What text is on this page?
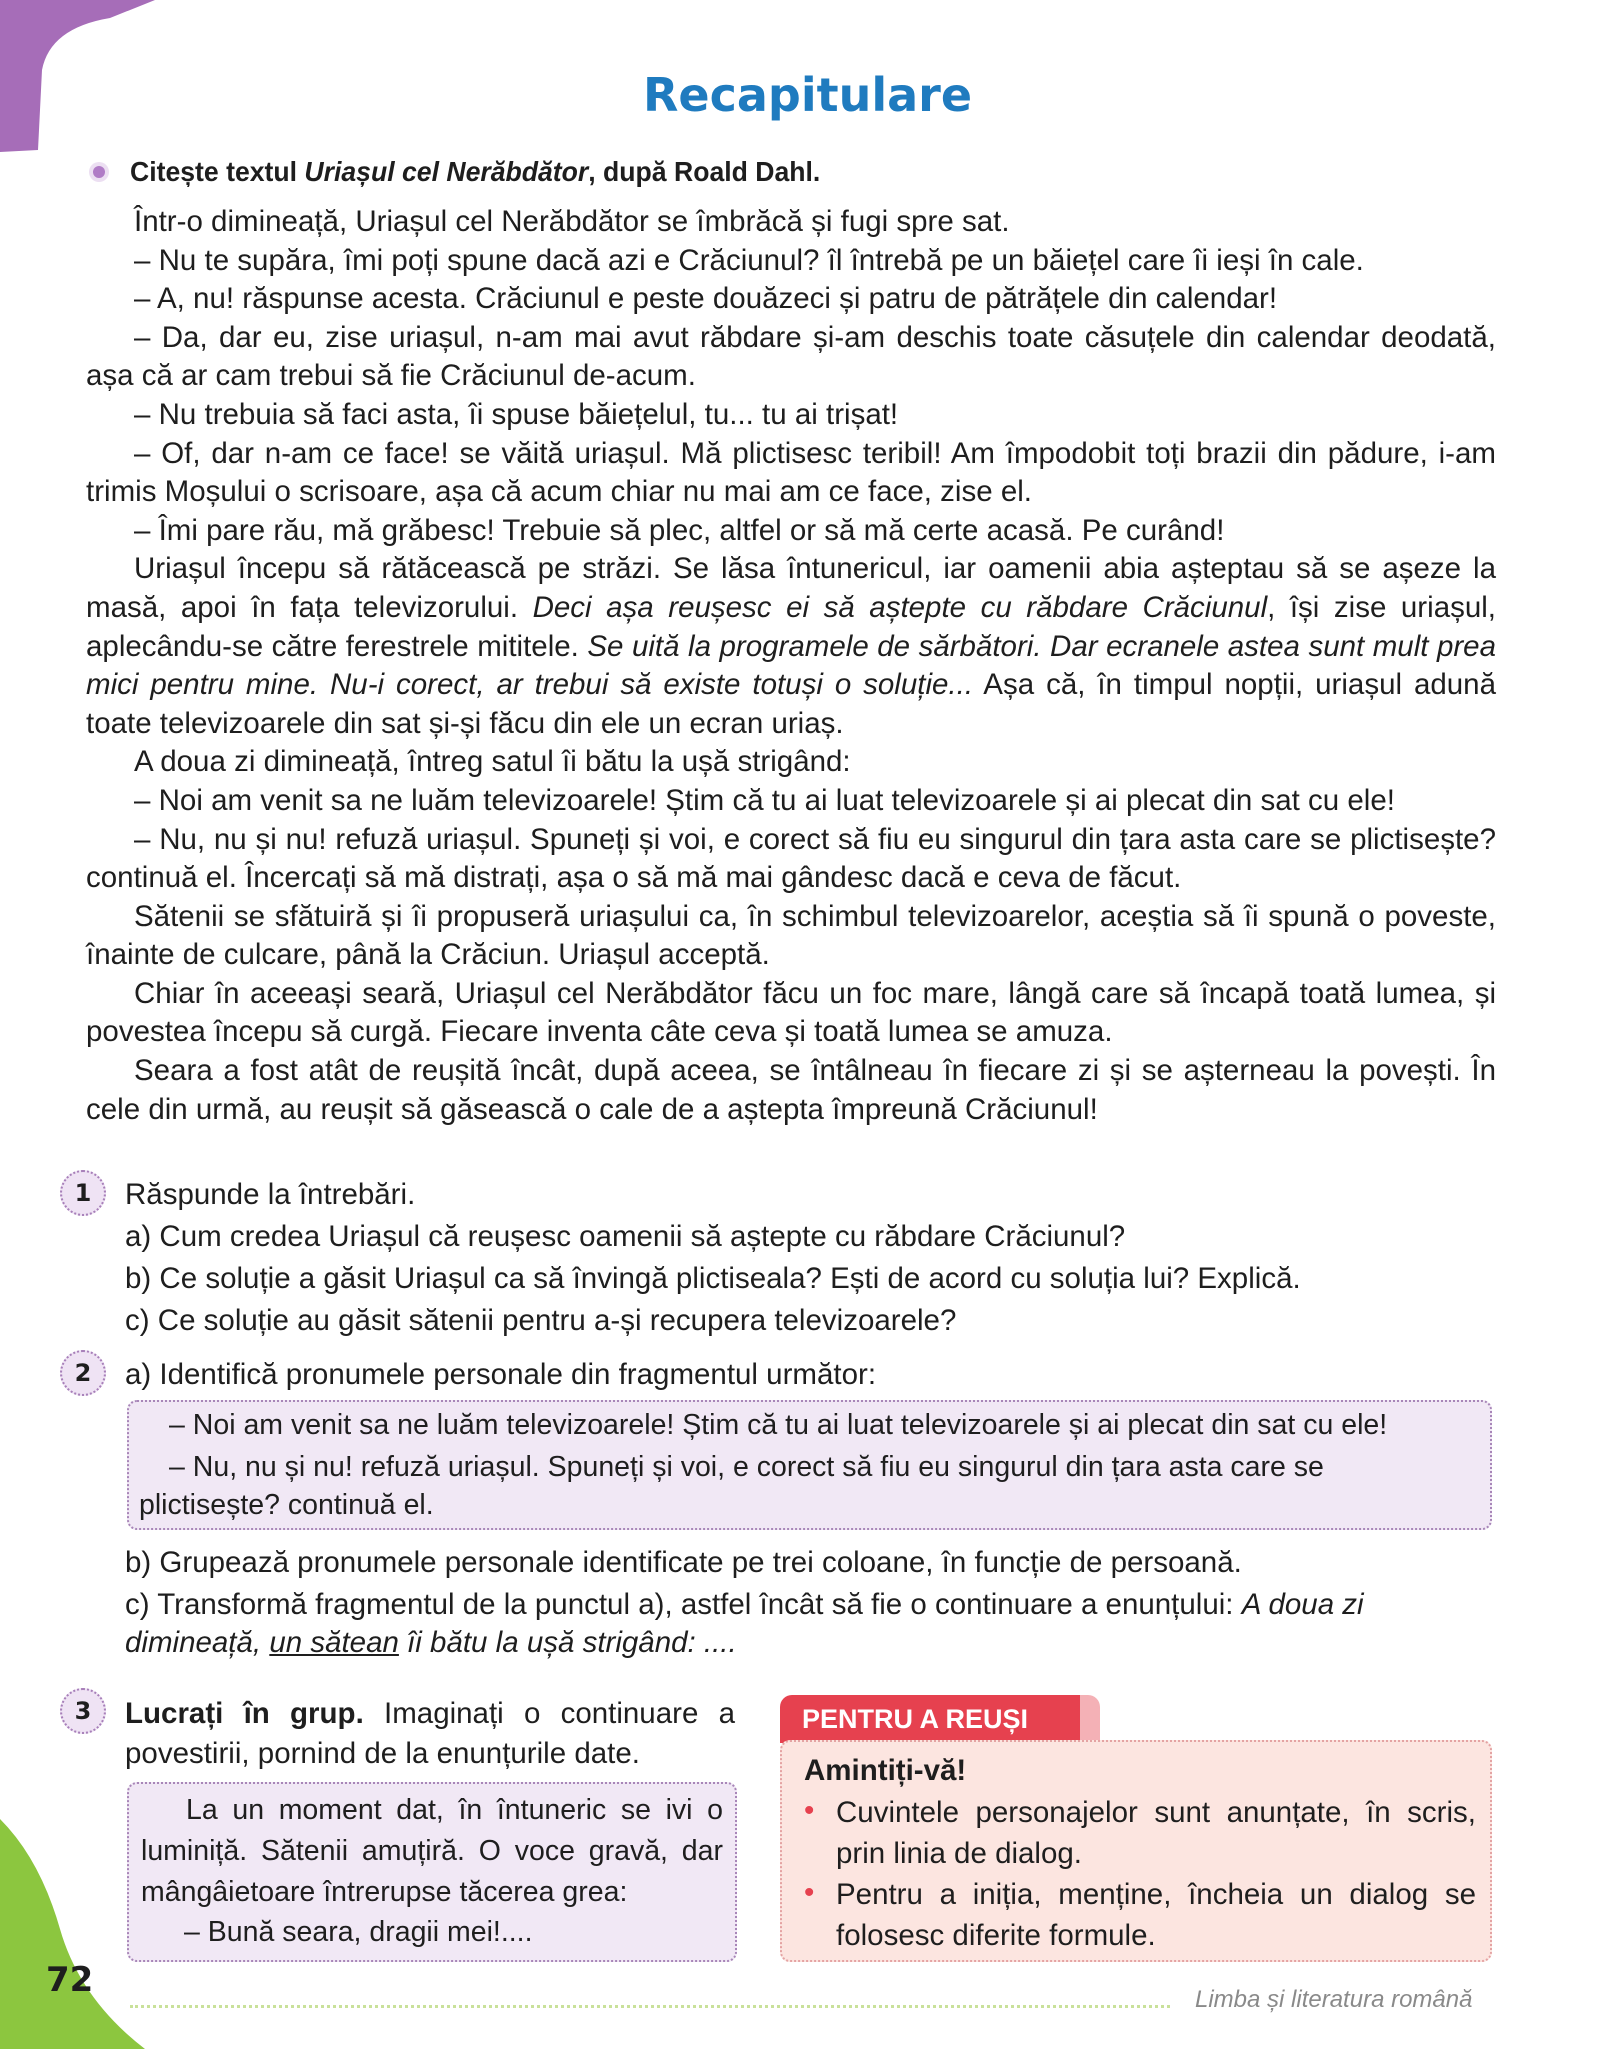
Recapitulare
Citește textul Uriașul cel Nerăbdător, după Roald Dahl.

Într-o dimineață, Uriașul cel Nerăbdător se îmbrăcă și fugi spre sat.

– Nu te supăra, îmi poți spune dacă azi e Crăciunul? îl întrebă pe un băiețel care îi ieși în cale.

– A, nu! răspunse acesta. Crăciunul e peste douăzeci și patru de pătrățele din calendar!

– Da, dar eu, zise uriașul, n-am mai avut răbdare și-am deschis toate căsuțele din calendar deodată, așa că ar cam trebui să fie Crăciunul de-acum.

– Nu trebuia să faci asta, îi spuse băiețelul, tu... tu ai trișat!

– Of, dar n-am ce face! se văită uriașul. Mă plictisesc teribil! Am împodobit toți brazii din pădure, i-am trimis Moșului o scrisoare, așa că acum chiar nu mai am ce face, zise el.

– Îmi pare rău, mă grăbesc! Trebuie să plec, altfel or să mă certe acasă. Pe curând!

Uriașul începu să rătăcească pe străzi. Se lăsa întunericul, iar oamenii abia așteptau să se așeze la masă, apoi în fața televizorului. Deci așa reușesc ei să aștepte cu răbdare Crăciunul, își zise uriașul, aplecându-se către ferestrele mititele. Se uită la programele de sărbători. Dar ecranele astea sunt mult prea mici pentru mine. Nu-i corect, ar trebui să existe totuși o soluție... Așa că, în timpul nopții, uriașul adună toate televizoarele din sat și-și făcu din ele un ecran uriaș.

A doua zi dimineață, întreg satul îi bătu la ușă strigând:

– Noi am venit sa ne luăm televizoarele! Știm că tu ai luat televizoarele și ai plecat din sat cu ele!

– Nu, nu și nu! refuză uriașul. Spuneți și voi, e corect să fiu eu singurul din țara asta care se plictisește? continuă el. Încercați să mă distrați, așa o să mă mai gândesc dacă e ceva de făcut.

Sătenii se sfătuiră și îi propuseră uriașului ca, în schimbul televizoarelor, aceștia să îi spună o poveste, înainte de culcare, până la Crăciun. Uriașul acceptă.

Chiar în aceeași seară, Uriașul cel Nerăbdător făcu un foc mare, lângă care să încapă toată lumea, și povestea începu să curgă. Fiecare inventa câte ceva și toată lumea se amuza.

Seara a fost atât de reușită încât, după aceea, se întâlneau în fiecare zi și se așterneau la povești. În cele din urmă, au reușit să găsească o cale de a aștepta împreună Crăciunul!

1	Răspunde la întrebări.
a) Cum credea Uriașul că reușesc oamenii să aștepte cu răbdare Crăciunul?
b) Ce soluție a găsit Uriașul ca să învingă plictiseala? Ești de acord cu soluția lui? Explică.
c) Ce soluție au găsit sătenii pentru a-și recupera televizoarele?
2	a) Identifică pronumele personale din fragmentul următor:
– Noi am venit sa ne luăm televizoarele! Știm că tu ai luat televizoarele și ai plecat din sat cu ele!
– Nu, nu și nu! refuză uriașul. Spuneți și voi, e corect să fiu eu singurul din țara asta care se plictisește? continuă el.
b) Grupează pronumele personale identificate pe trei coloane, în funcție de persoană.
c) Transformă fragmentul de la punctul a), astfel încât să fie o continuare a enunțului: A doua zi dimineață, un sătean îi bătu la ușă strigând: ....
3	Lucrați în grup. Imaginați o continuare a povestirii, pornind de la enunțurile date.
La un moment dat, în întuneric se ivi o luminiță. Sătenii amuțiră. O voce gravă, dar mângâietoare întrerupse tăcerea grea:
– Bună seara, dragii mei!....
PENTRU A REUȘI
Amintiți-vă!
• Cuvintele personajelor sunt anunțate, în scris, prin linia de dialog.
• Pentru a iniția, menține, încheia un dialog se folosesc diferite formule.
72	Limba și literatura română
